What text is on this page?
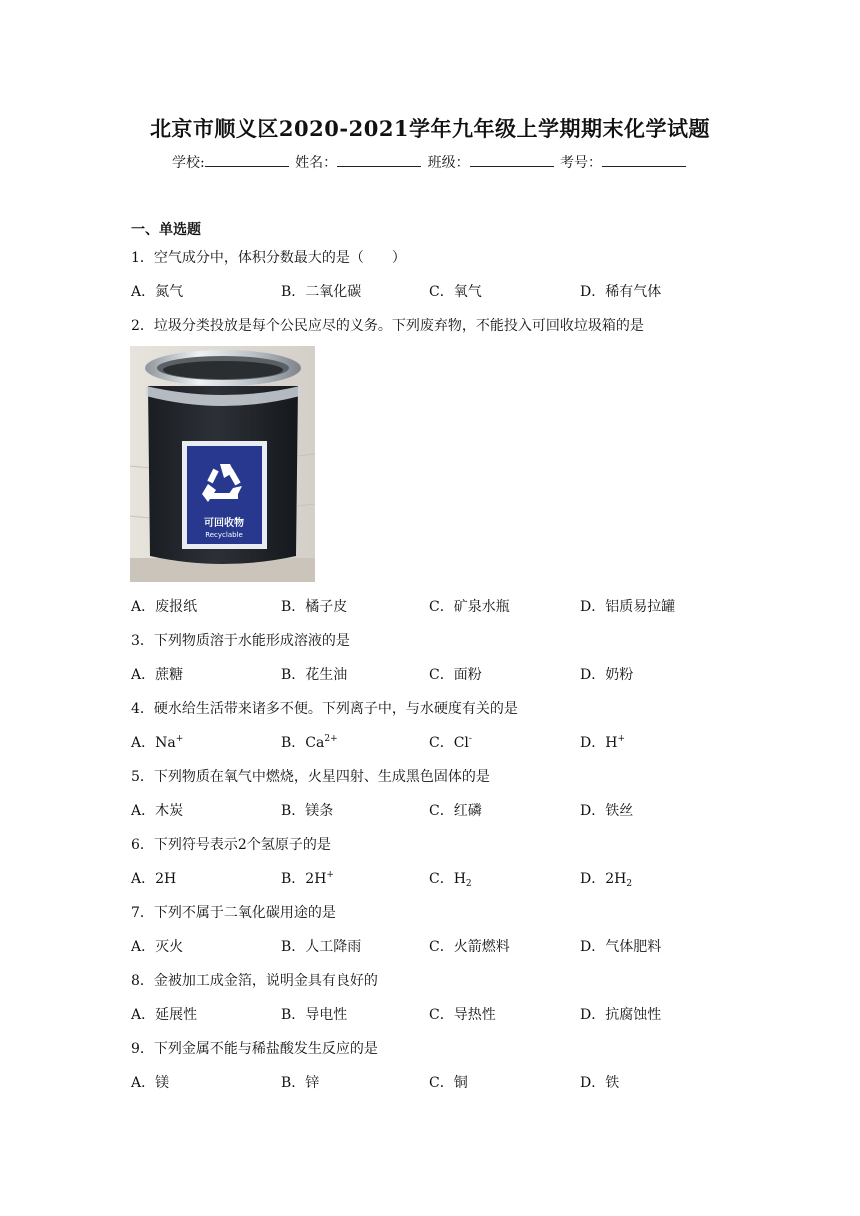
北京市顺义区2020-2021学年九年级上学期期末化学试题
学校:	姓名：	班级：	考号：
一、单选题
1．空气成分中，体积分数最大的是（　　）
A．氮气	B．二氧化碳	C．氧气	D．稀有气体
2．垃圾分类投放是每个公民应尽的义务。下列废弃物，不能投入可回收垃圾箱的是
可回收物
Recyclable
A．废报纸	B．橘子皮	C．矿泉水瓶	D．铝质易拉罐
3．下列物质溶于水能形成溶液的是
A．蔗糖	B．花生油	C．面粉	D．奶粉
4．硬水给生活带来诸多不便。下列离子中，与水硬度有关的是
A．Na+	B．$Ca^{2+}$	C．Cl-	D．H+
5．下列物质在氧气中燃烧，火星四射、生成黑色固体的是
A．木炭	B．镁条	C．红磷	D．铁丝
6．下列符号表示2个氢原子的是
A．2H	B．2H+	C．$H_2$	D．$2H_2$
7．下列不属于二氧化碳用途的是
A．灭火	B．人工降雨	C．火箭燃料	D．气体肥料
8．金被加工成金箔，说明金具有良好的
A．延展性	B．导电性	C．导热性	D．抗腐蚀性
9．下列金属不能与稀盐酸发生反应的是
A．镁	B．锌	C．铜	D．铁
